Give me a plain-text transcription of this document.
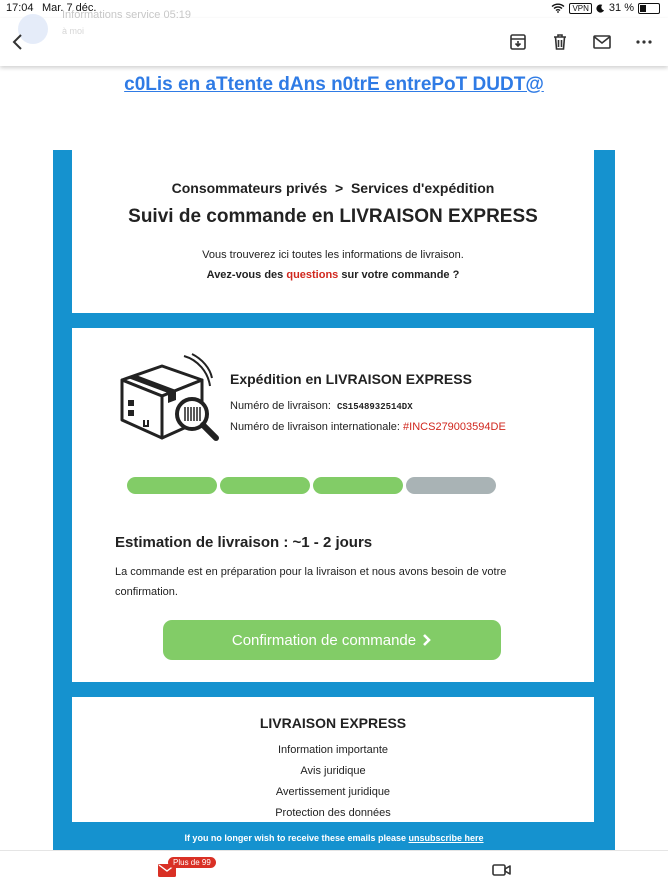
17:04 Mar. 7 déc.	VPN 31 %
Informations service 05:19
à moi
c0Lis en aTtente dAns n0trE entrePoT DUDT@
Consommateurs privés  >  Services d'expédition
Suivi de commande en LIVRAISON EXPRESS
Vous trouverez ici toutes les informations de livraison.
Avez-vous des questions sur votre commande ?
Expédition en LIVRAISON EXPRESS
Numéro de livraison: CS1548932514DX
Numéro de livraison internationale: #INCS279003594DE
Estimation de livraison : ~1 - 2 jours
La commande est en préparation pour la livraison et nous avons besoin de votre confirmation.
Confirmation de commande
LIVRAISON EXPRESS
Information importante
Avis juridique
Avertissement juridique
Protection des données
If you no longer wish to receive these emails please unsubscribe here
Plus de 99
